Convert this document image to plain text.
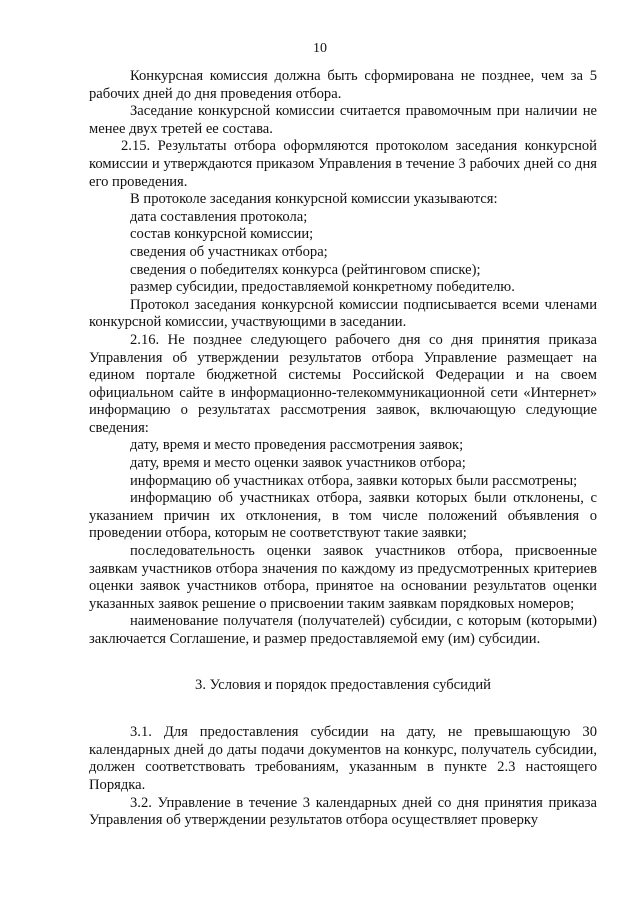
10

Конкурсная комиссия должна быть сформирована не позднее, чем за 5 рабочих дней до дня проведения отбора.

Заседание конкурсной комиссии считается правомочным при наличии не менее двух третей ее состава.

2.15. Результаты отбора оформляются протоколом заседания конкурсной комиссии и утверждаются приказом Управления в течение 3 рабочих дней со дня его проведения.

В протоколе заседания конкурсной комиссии указываются:

дата составления протокола;

состав конкурсной комиссии;

сведения об участниках отбора;

сведения о победителях конкурса (рейтинговом списке);

размер субсидии, предоставляемой конкретному победителю.

Протокол заседания конкурсной комиссии подписывается всеми членами конкурсной комиссии, участвующими в заседании.

2.16. Не позднее следующего рабочего дня со дня принятия приказа Управления об утверждении результатов отбора Управление размещает на едином портале бюджетной системы Российской Федерации и на своем официальном сайте в информационно-телекоммуникационной сети «Интернет» информацию о результатах рассмотрения заявок, включающую следующие сведения:

дату, время и место проведения рассмотрения заявок;

дату, время и место оценки заявок участников отбора;

информацию об участниках отбора, заявки которых были рассмотрены;

информацию об участниках отбора, заявки которых были отклонены, с указанием причин их отклонения, в том числе положений объявления о проведении отбора, которым не соответствуют такие заявки;

последовательность оценки заявок участников отбора, присвоенные заявкам участников отбора значения по каждому из предусмотренных критериев оценки заявок участников отбора, принятое на основании результатов оценки указанных заявок решение о присвоении таким заявкам порядковых номеров;

наименование получателя (получателей) субсидии, с которым (которыми) заключается Соглашение, и размер предоставляемой ему (им) субсидии.

3. Условия и порядок предоставления субсидий

3.1. Для предоставления субсидии на дату, не превышающую 30 календарных дней до даты подачи документов на конкурс, получатель субсидии, должен соответствовать требованиям, указанным в пункте 2.3 настоящего Порядка.

3.2. Управление в течение 3 календарных дней со дня принятия приказа Управления об утверждении результатов отбора осуществляет проверку
